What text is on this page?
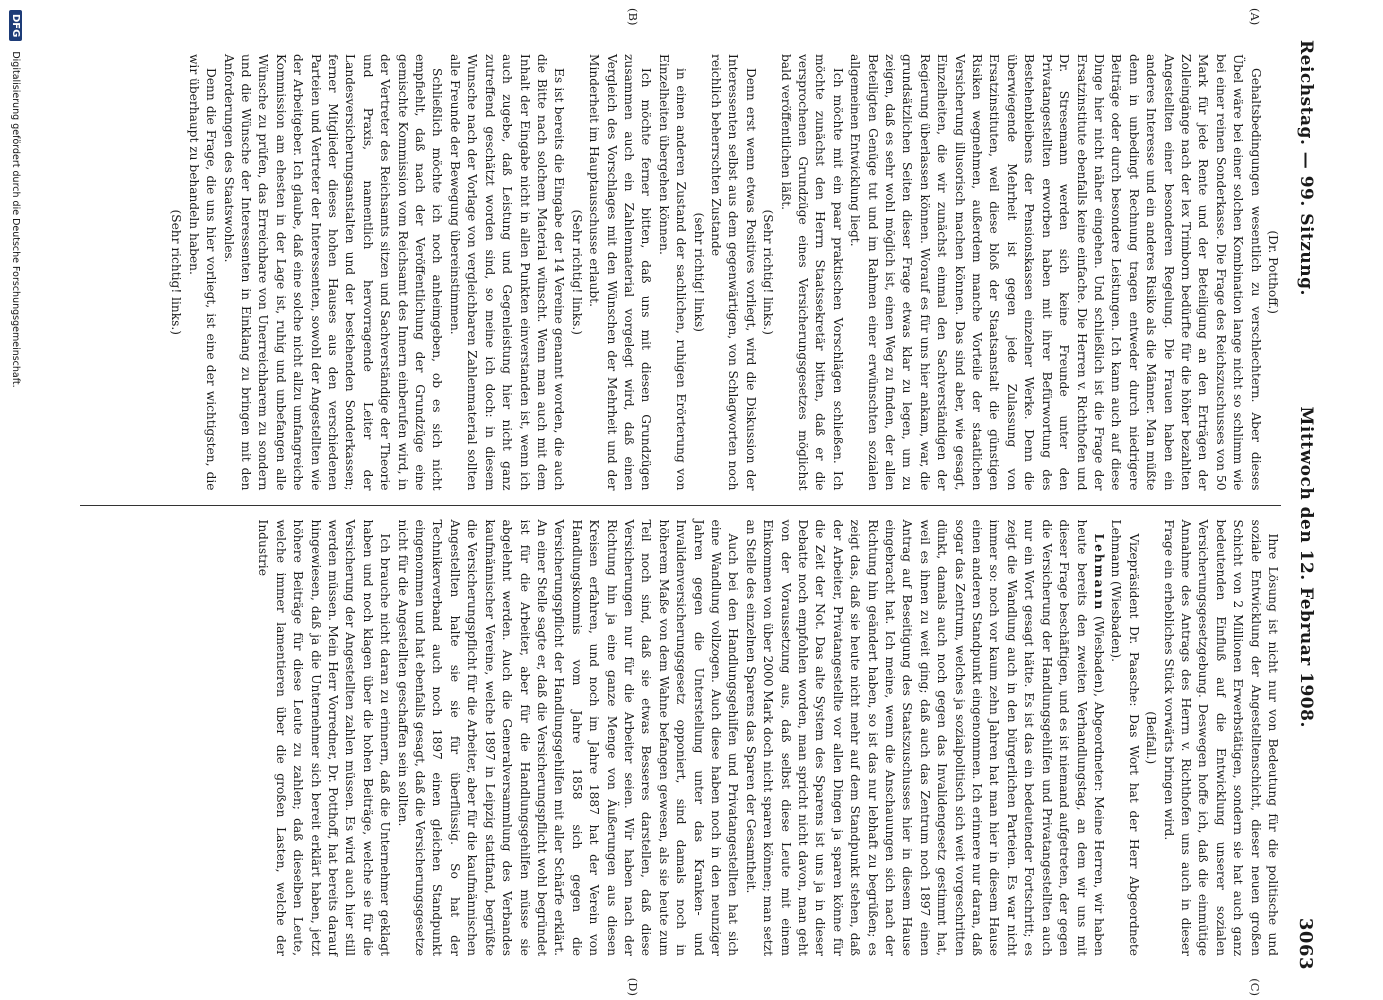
Reichstag. — 99. Sitzung.
Mittwoch den 12. Februar 1908.
3063
(A)
(B)

(Dr. Potthoff.)

Gehaltsbedingungen wesentlich zu verschlechtern. Aber dieses Übel wäre bei einer solchen Kombination lange nicht so schlimm wie bei einer reinen Sonderkasse. Die Frage des Reichszuschusses von 50 Mark für jede Rente und der Beteiligung an den Erträgen der Zolleingänge nach der lex Trimborn bedürfte für die höher bezahlten Angestellten einer besonderen Regelung. Die Frauen haben ein anderes Interesse und ein anderes Risiko als die Männer. Man müßte denn in unbedingt Rechnung tragen entweder durch niedrigere Beiträge oder durch besondere Leistungen. Ich kann auch auf diese Dinge hier nicht näher eingehen. Und schließlich ist die Frage der Ersatzinstitute ebenfalls keine einfache. Die Herren v. Richthofen und Dr. Stresemann werden sich keine Freunde unter den Privatangestellten erworben haben mit ihrer Befürwortung des Bestehenbleibens der Pensionskassen einzelner Werke. Denn die überwiegende Mehrheit ist gegen jede Zulassung von Ersatzinstituten, weil diese bloß der Staatsanstalt die günstigen Risiken wegnehmen, außerdem manche Vorteile der staatlichen Versicherung illusorisch machen können. Das sind aber, wie gesagt, Einzelheiten, die wir zunächst einmal den Sachverständigen der Regierung überlassen können. Worauf es für uns hier ankam, war, die grundsätzlichen Seiten dieser Frage etwas klar zu legen, um zu zeigen, daß es sehr wohl möglich ist, einen Weg zu finden, der allen Beteiligten Genüge tut und im Rahmen einer erwünschten sozialen allgemeinen Entwicklung liegt.

Ich möchte mit ein paar praktischen Vorschlägen schließen. Ich möchte zunächst den Herrn Staatssekretär bitten, daß er die versprochenen Grundzüge eines Versicherungsgesetzes möglichst bald veröffentlichen läßt.

(Sehr richtig! links.)

Denn erst wenn etwas Positives vorliegt, wird die Diskussion der Interessenten selbst aus dem gegenwärtigen, von Schlagworten noch reichlich beherrschten Zustande

(sehr richtig! links)

in einen anderen Zustand der sachlichen, ruhigen Erörterung von Einzelheiten übergehen können.

Ich möchte ferner bitten, daß uns mit diesen Grundzügen zusammen auch ein Zahlenmaterial vorgelegt wird, daß einen Vergleich des Vorschlages mit den Wünschen der Mehrheit und der Minderheit im Hauptausschusse erlaubt.

(Sehr richtig! links.)

Es ist bereits die Eingabe der 14 Vereine genannt worden, die auch die Bitte nach solchem Material wünscht. Wenn man auch mit dem Inhalt der Eingabe nicht in allen Punkten einverstanden ist, wenn ich auch zugebe, daß Leistung und Gegenleistung hier nicht ganz zutreffend geschätzt worden sind, so meine ich doch: in diesem Wunsche nach der Vorlage von vergleichbaren Zahlenmaterial sollten alle Freunde der Bewegung übereinstimmen.

Schließlich möchte ich noch anheimgeben, ob es sich nicht empfiehlt, daß nach der Veröffentlichung der Grundzüge eine gemischte Kommission vom Reichsamt des Innern einberufen wird, in der Vertreter des Reichsamts sitzen und Sachverständige der Theorie und Praxis, namentlich hervorragende Leiter der Landesversicherungsanstalten und der bestehenden Sonderkassen; ferner Mitglieder dieses hohen Hauses aus den verschiedenen Parteien und Vertreter der Interessenten, sowohl der Angestellten wie der Arbeitgeber. Ich glaube, daß eine solche nicht allzu umfangreiche Kommission am ehesten in der Lage ist, ruhig und unbefangen alle Wünsche zu prüfen, das Erreichbare von Unerreichbarem zu sondern und die Wünsche der Interessenten in Einklang zu bringen mit den Anforderungen des Staatswohles.

Denn die Frage, die uns hier vorliegt, ist eine der wichtigsten, die wir überhaupt zu behandeln haben.

(Sehr richtig! links.)

(C)
(D)

Ihre Lösung ist nicht nur von Bedeutung für die politische und soziale Entwicklung der Angestelltenschicht, dieser neuen großen Schicht von 2 Millionen Erwerbstätigen, sondern sie hat auch ganz bedeutenden Einfluß auf die Entwicklung unserer sozialen Versicherungsgesetzgebung. Deswegen hoffe ich, daß die einmütige Annahme des Antrags des Herrn v. Richthofen uns auch in dieser Frage ein erhebliches Stück vorwärts bringen wird.

(Beifall.)

Vizepräsident Dr. Paasche: Das Wort hat der Herr Abgeordnete Lehmann (Wiesbaden).

Lehmann (Wiesbaden), Abgeordneter: Meine Herren, wir haben heute bereits den zweiten Verhandlungstag, an dem wir uns mit dieser Frage beschäftigen, und es ist niemand aufgetreten, der gegen die Versicherung der Handlungsgehilfen und Privatangestellten auch nur ein Wort gesagt hätte. Es ist das ein bedeutender Fortschritt; es zeigt die Wandlung auch in den bürgerlichen Parteien. Es war nicht immer so: noch vor kaum zehn Jahren hat man hier in diesem Hause einen anderen Standpunkt eingenommen. Ich erinnere nur daran, daß sogar das Zentrum, welches ja sozialpolitisch sich weit vorgeschritten dünkt, damals auch noch gegen das Invalidengesetz gestimmt hat, weil es ihnen zu weit ging; daß auch das Zentrum noch 1897 einen Antrag auf Beseitigung des Staatszuschusses hier in diesem Hause eingebracht hat. Ich meine, wenn die Anschauungen sich nach der Richtung hin geändert haben, so ist das nur lebhaft zu begrüßen; es zeigt das, daß sie heute nicht mehr auf dem Standpunkt stehen, daß der Arbeiter, Privatangestellte vor allen Dingen ja sparen könne für die Zeit der Not. Das alte System des Sparens ist uns ja in dieser Debatte noch empfohlen worden, man spricht nicht davon, man geht von der Voraussetzung aus, daß selbst diese Leute mit einem Einkommen von über 2000 Mark doch nicht sparen können; man setzt an Stelle des einzelnen Sparens das Sparen der Gesamtheit.

Auch bei den Handlungsgehilfen und Privatangestellten hat sich eine Wandlung vollzogen. Auch diese haben noch in den neunziger Jahren gegen die Unterstellung unter das Kranken- und Invalidenversicherungsgesetz opponiert, sind damals noch in höherem Maße von dem Wahne befangen gewesen, als sie heute zum Teil noch sind, daß sie etwas Besseres darstellen, daß diese Versicherungen nur für die Arbeiter seien. Wir haben nach der Richtung hin ja eine ganze Menge von Äußerungen aus diesen Kreisen erfahren, und noch im Jahre 1887 hat der Verein von Handlungskommis vom Jahre 1858 sich gegen die Versicherungspflicht der Handlungsgehilfen mit aller Schärfe erklärt. An einer Stelle sagte er, daß die Versicherungspflicht wohl begründet ist für die Arbeiter, aber für die Handlungsgehilfen müsse sie abgelehnt werden. Auch die Generalversammlung des Verbandes kaufmännischer Vereine, welche 1897 in Leipzig stattfand, begrüßte die Versicherungspflicht für die Arbeiter, aber für die kaufmännischen Angestellten halte sie sie für überflüssig. So hat der Technikerverband auch noch 1897 einen gleichen Standpunkt eingenommen und hat ebenfalls gesagt, daß die Versicherungsgesetze nicht für die Angestellten geschaffen sein sollten.

Ich brauche nicht daran zu erinnern, daß die Unternehmer geklagt haben und noch klagen über die hohen Beiträge, welche sie für die Versicherung der Angestellten zahlen müssen. Es wird auch hier still werden müssen. Mein Herr Vorredner, Dr. Potthoff, hat bereits darauf hingewiesen, daß ja die Unternehmer sich bereit erklärt haben, jetzt höhere Beiträge für diese Leute zu zahlen; daß dieselben Leute, welche immer lamentieren über die großen Lasten, welche der Industrie

DFG
Digitalisierung gefördert durch die Deutsche Forschungsgemeinschaft.
